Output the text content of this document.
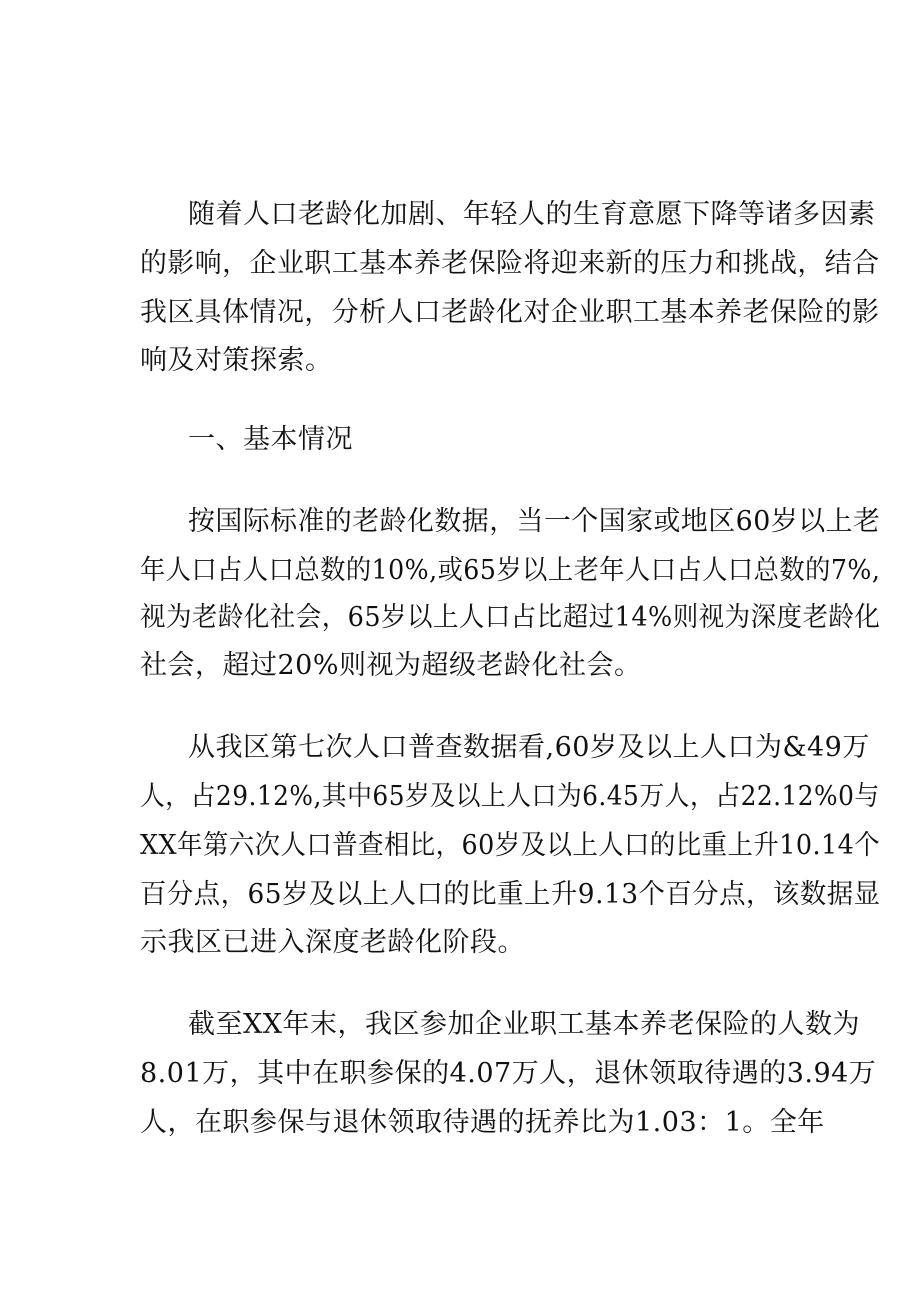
随着人口老龄化加剧、年轻人的生育意愿下降等诸多因素
的影响，企业职工基本养老保险将迎来新的压力和挑战，结合
我区具体情况，分析人口老龄化对企业职工基本养老保险的影
响及对策探索。
一、基本情况
按国际标准的老龄化数据，当一个国家或地区60岁以上老
年人口占人口总数的10%,或65岁以上老年人口占人口总数的7%,
视为老龄化社会，65岁以上人口占比超过14%则视为深度老龄化
社会，超过20%则视为超级老龄化社会。
从我区第七次人口普查数据看,60岁及以上人口为&49万
人，占29.12%,其中65岁及以上人口为6.45万人，占22.12%0与
XX年第六次人口普查相比，60岁及以上人口的比重上升10.14个
百分点，65岁及以上人口的比重上升9.13个百分点，该数据显
示我区已进入深度老龄化阶段。
截至XX年末，我区参加企业职工基本养老保险的人数为
8.01万，其中在职参保的4.07万人，退休领取待遇的3.94万
人，在职参保与退休领取待遇的抚养比为1.03：1。全年
